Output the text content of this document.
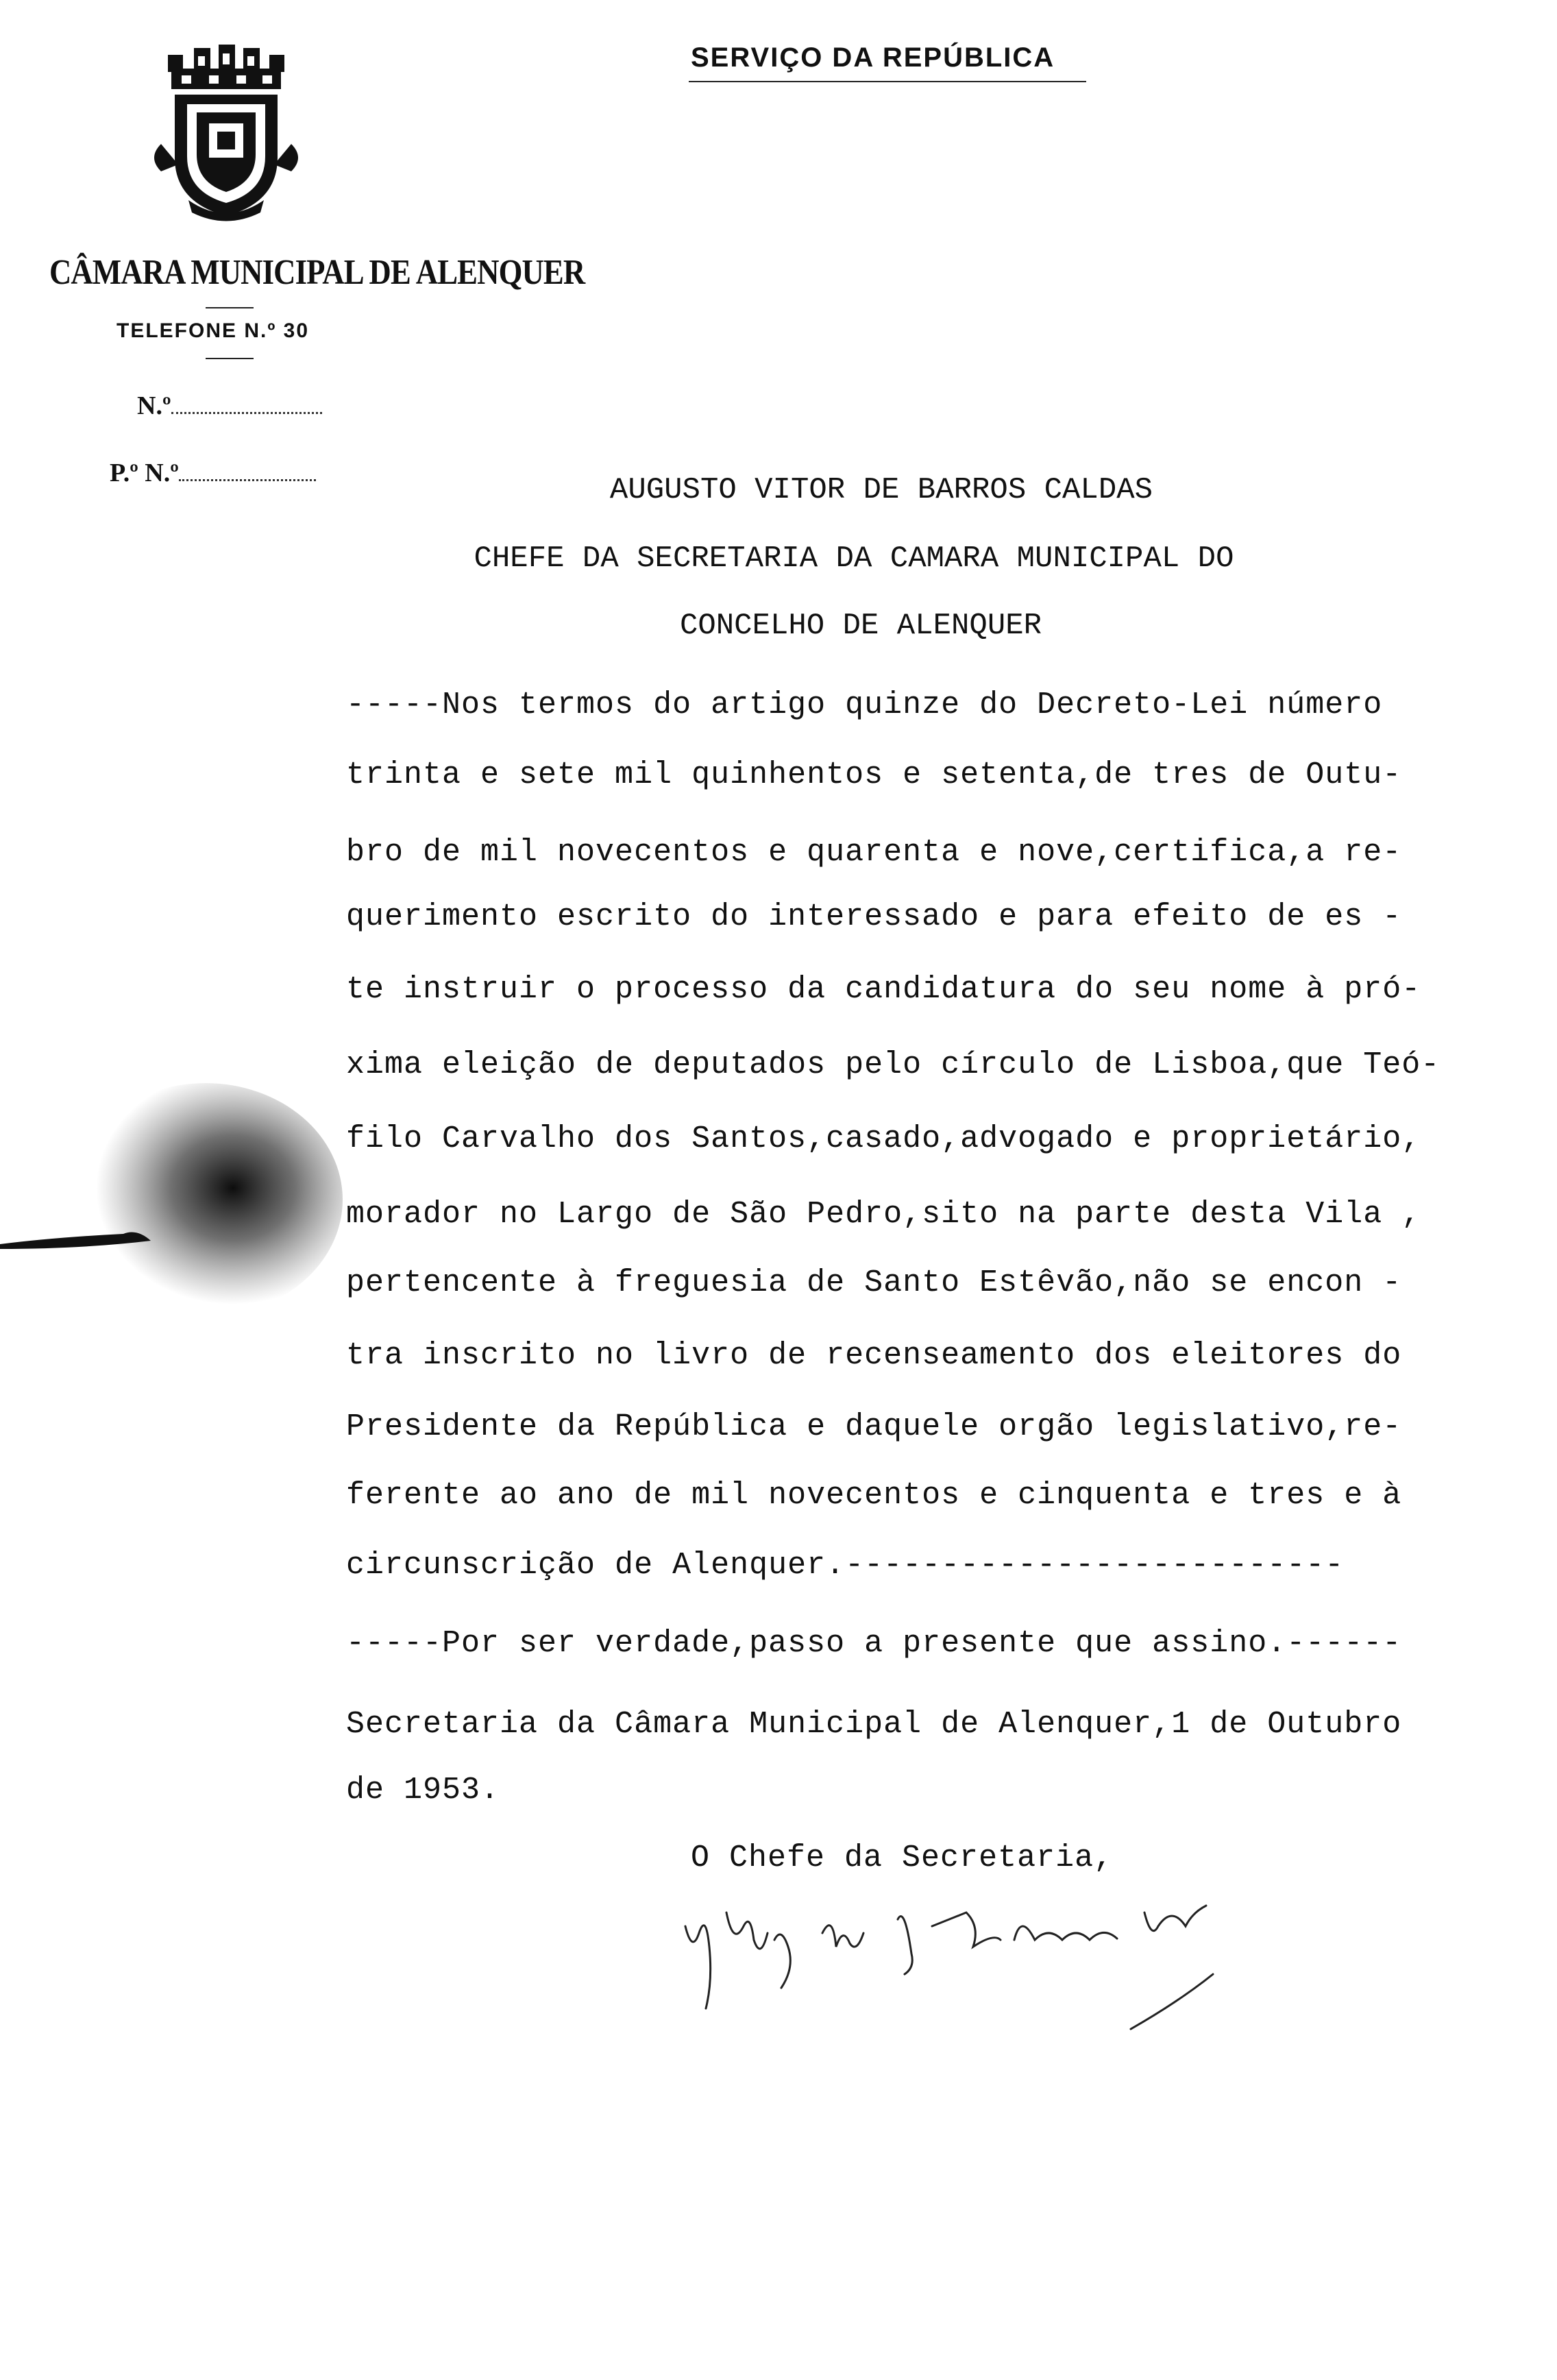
SERVIÇO DA REPÚBLICA
CÂMARA MUNICIPAL DE ALENQUER
TELEFONE N.º 30
N.º
P.º N.º	AUGUSTO VITOR DE BARROS CALDAS
CHEFE DA SECRETARIA DA CAMARA MUNICIPAL DO
CONCELHO DE ALENQUER
-----Nos termos do artigo quinze do Decreto-Lei número
trinta e sete mil quinhentos e setenta,de tres de Outu-
bro de mil novecentos e quarenta e nove,certifica,a re-
querimento escrito do interessado e para efeito de es -
te instruir o processo da candidatura do seu nome à pró-
xima eleição de deputados pelo círculo de Lisboa,que Teó-
filo Carvalho dos Santos,casado,advogado e proprietário,
morador no Largo de São Pedro,sito na parte desta Vila ,
pertencente à freguesia de Santo Estêvão,não se encon -
tra inscrito no livro de recenseamento dos eleitores do
Presidente da República e daquele orgão legislativo,re-
ferente ao ano de mil novecentos e cinquenta e tres e à
circunscrição de Alenquer.--------------------------
-----Por ser verdade,passo a presente que assino.------
Secretaria da Câmara Municipal de Alenquer,1 de Outubro
de 1953.
O Chefe da Secretaria,
